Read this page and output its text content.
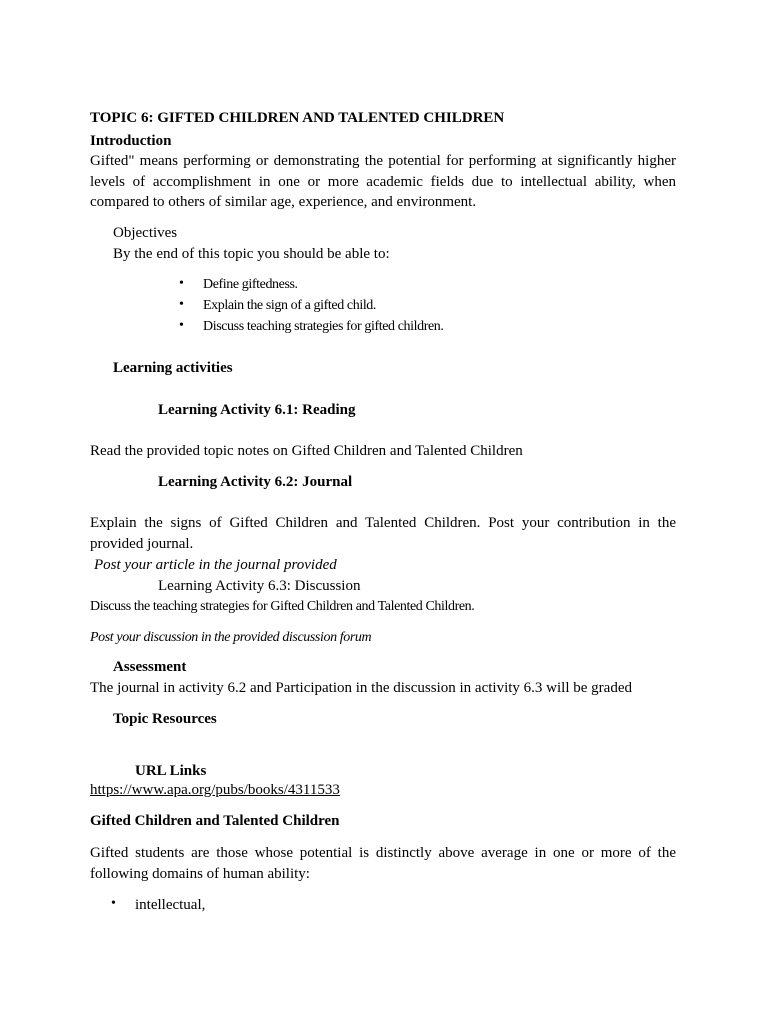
TOPIC 6: GIFTED CHILDREN AND TALENTED CHILDREN

Introduction

Gifted" means performing or demonstrating the potential for performing at significantly higher levels of accomplishment in one or more academic fields due to intellectual ability, when compared to others of similar age, experience, and environment.

Objectives

By the end of this topic you should be able to:

• Define giftedness.
• Explain the sign of a gifted child.
• Discuss teaching strategies for gifted children.

Learning activities

Learning Activity 6.1: Reading

Read the provided topic notes on Gifted Children and Talented Children

Learning Activity 6.2: Journal

Explain the signs of Gifted Children and Talented Children. Post your contribution in the provided journal.

Post your article in the journal provided

Learning Activity 6.3: Discussion

Discuss the teaching strategies for Gifted Children and Talented Children.

Post your discussion in the provided discussion forum

Assessment

The journal in activity 6.2 and Participation in the discussion in activity 6.3 will be graded

Topic Resources

URL Links

https://www.apa.org/pubs/books/4311533

Gifted Children and Talented Children

Gifted students are those whose potential is distinctly above average in one or more of the following domains of human ability:

• intellectual,
